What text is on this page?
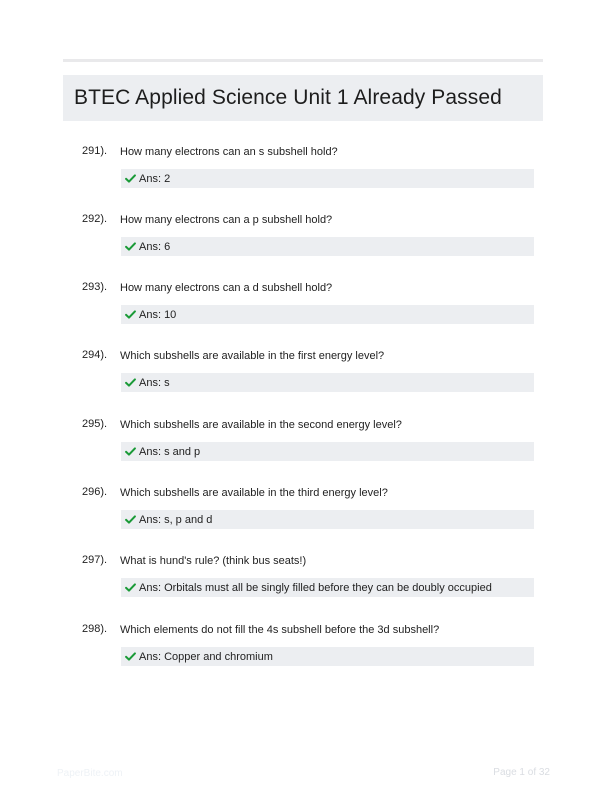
BTEC Applied Science Unit 1 Already Passed
291). How many electrons can an s subshell hold?
Ans: 2
292). How many electrons can a p subshell hold?
Ans: 6
293). How many electrons can a d subshell hold?
Ans: 10
294). Which subshells are available in the first energy level?
Ans: s
295). Which subshells are available in the second energy level?
Ans: s and p
296). Which subshells are available in the third energy level?
Ans: s, p and d
297). What is hund's rule? (think bus seats!)
Ans: Orbitals must all be singly filled before they can be doubly occupied
298). Which elements do not fill the 4s subshell before the 3d subshell?
Ans: Copper and chromium
PaperBite.com	Page 1 of 32
